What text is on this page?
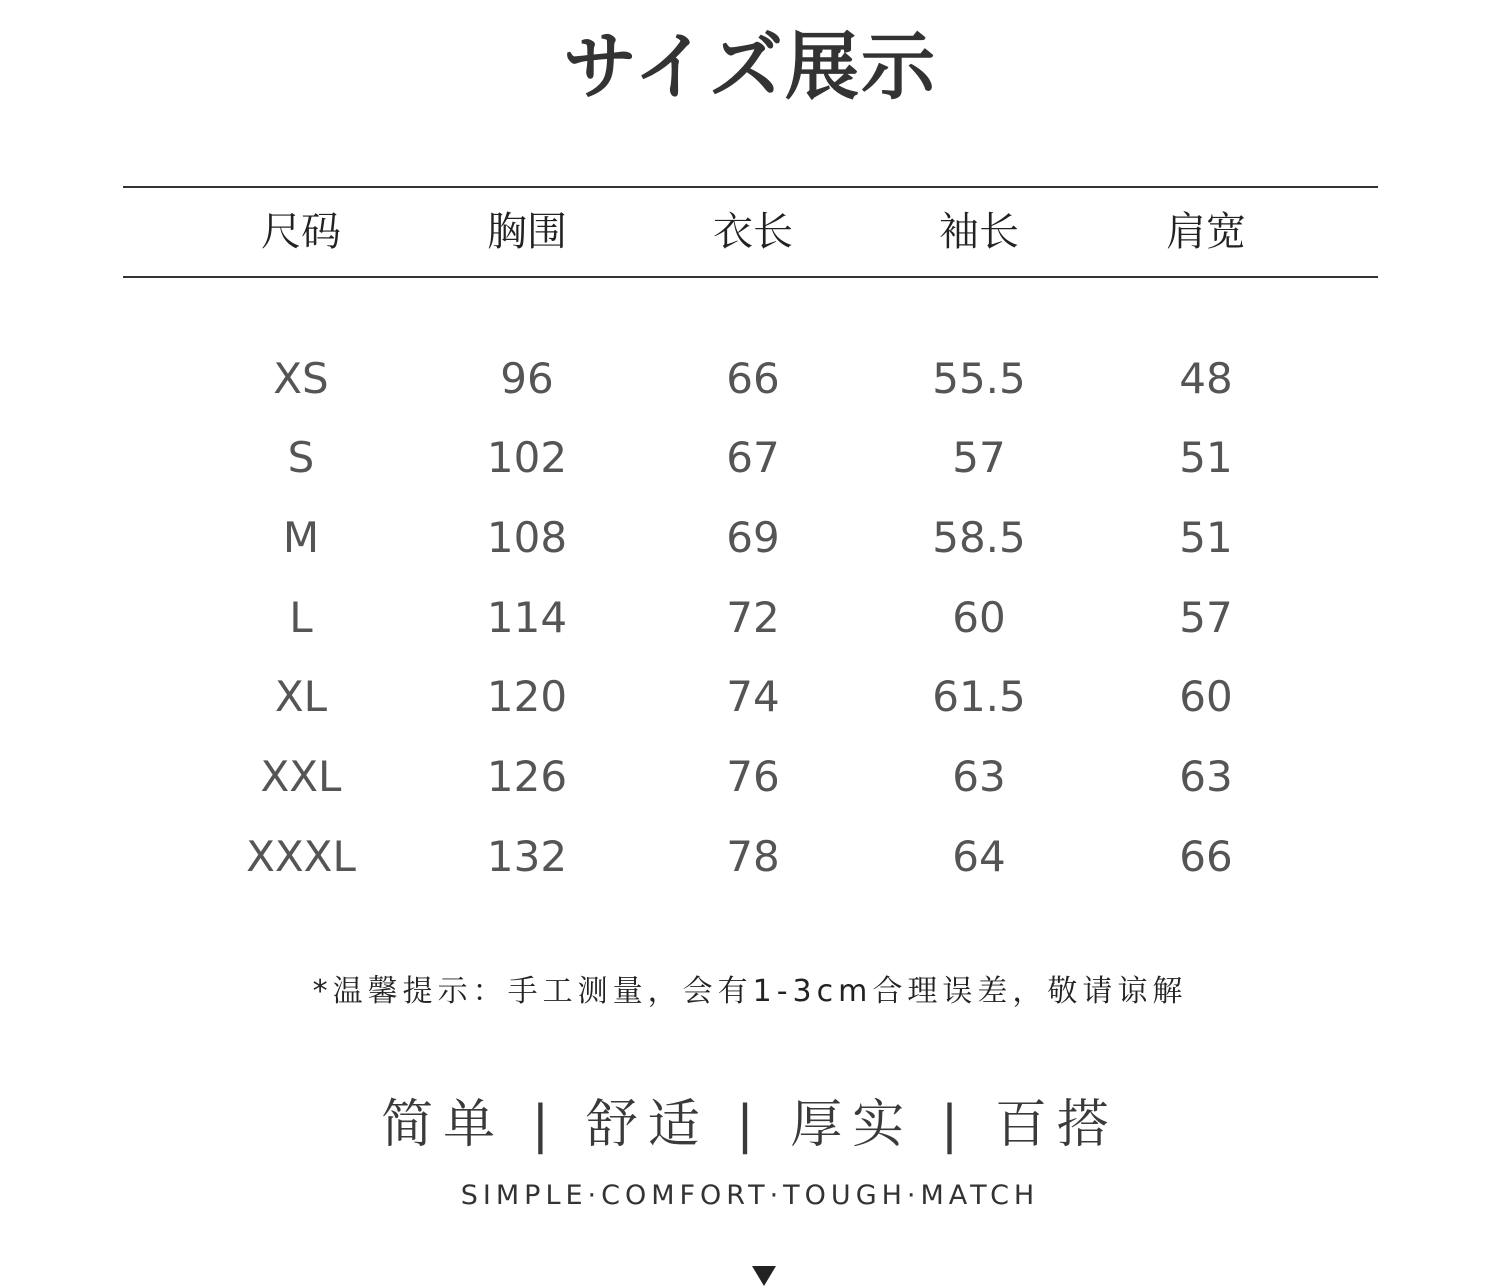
サイズ展示
尺码	胸围	衣长	袖长	肩宽
XS	96	66	55.5	48
S	102	67	57	51
M	108	69	58.5	51
L	114	72	60	57
XL	120	74	61.5	60
XXL	126	76	63	63
XXXL	132	78	64	66
*温馨提示：手工测量，会有1-3cm合理误差，敬请谅解
简单 | 舒适 | 厚实 | 百搭
SIMPLE·COMFORT·TOUGH·MATCH
